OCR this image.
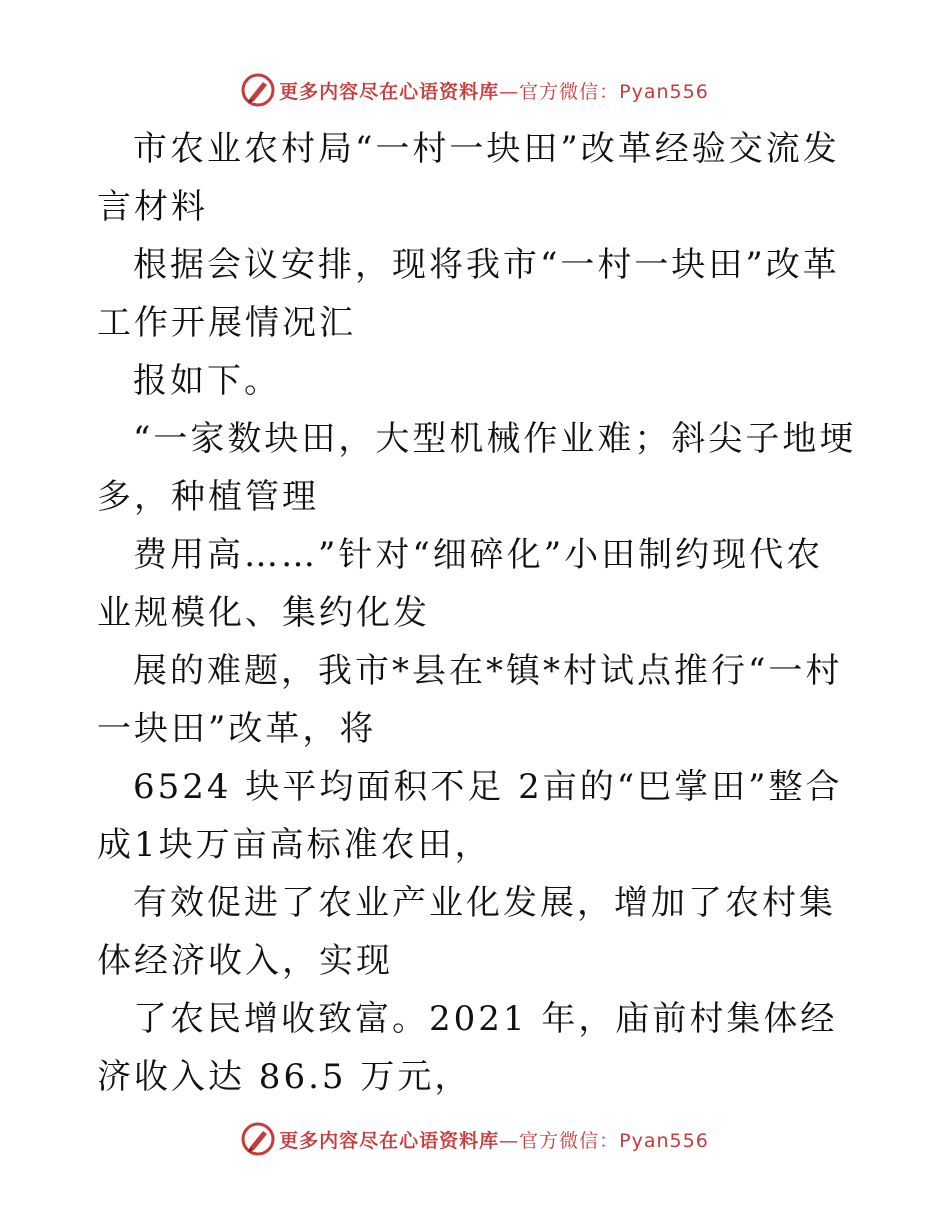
更多内容尽在心语资料库 —官方微信：Pyan556

市农业农村局“一村一块田”改革经验交流发言材料

根据会议安排，现将我市“一村一块田”改革工作开展情况汇

报如下。

“一家数块田，大型机械作业难；斜尖子地埂多，种植管理

费用高……”针对“细碎化”小田制约现代农业规模化、集约化发

展的难题，我市*县在*镇*村试点推行“一村一块田”改革，将

6524 块平均面积不足 2亩的“巴掌田”整合成1块万亩高标准农田，

有效促进了农业产业化发展，增加了农村集体经济收入，实现

了农民增收致富。2021 年，庙前村集体经济收入达 86.5 万元，

更多内容尽在心语资料库 —官方微信：Pyan556
